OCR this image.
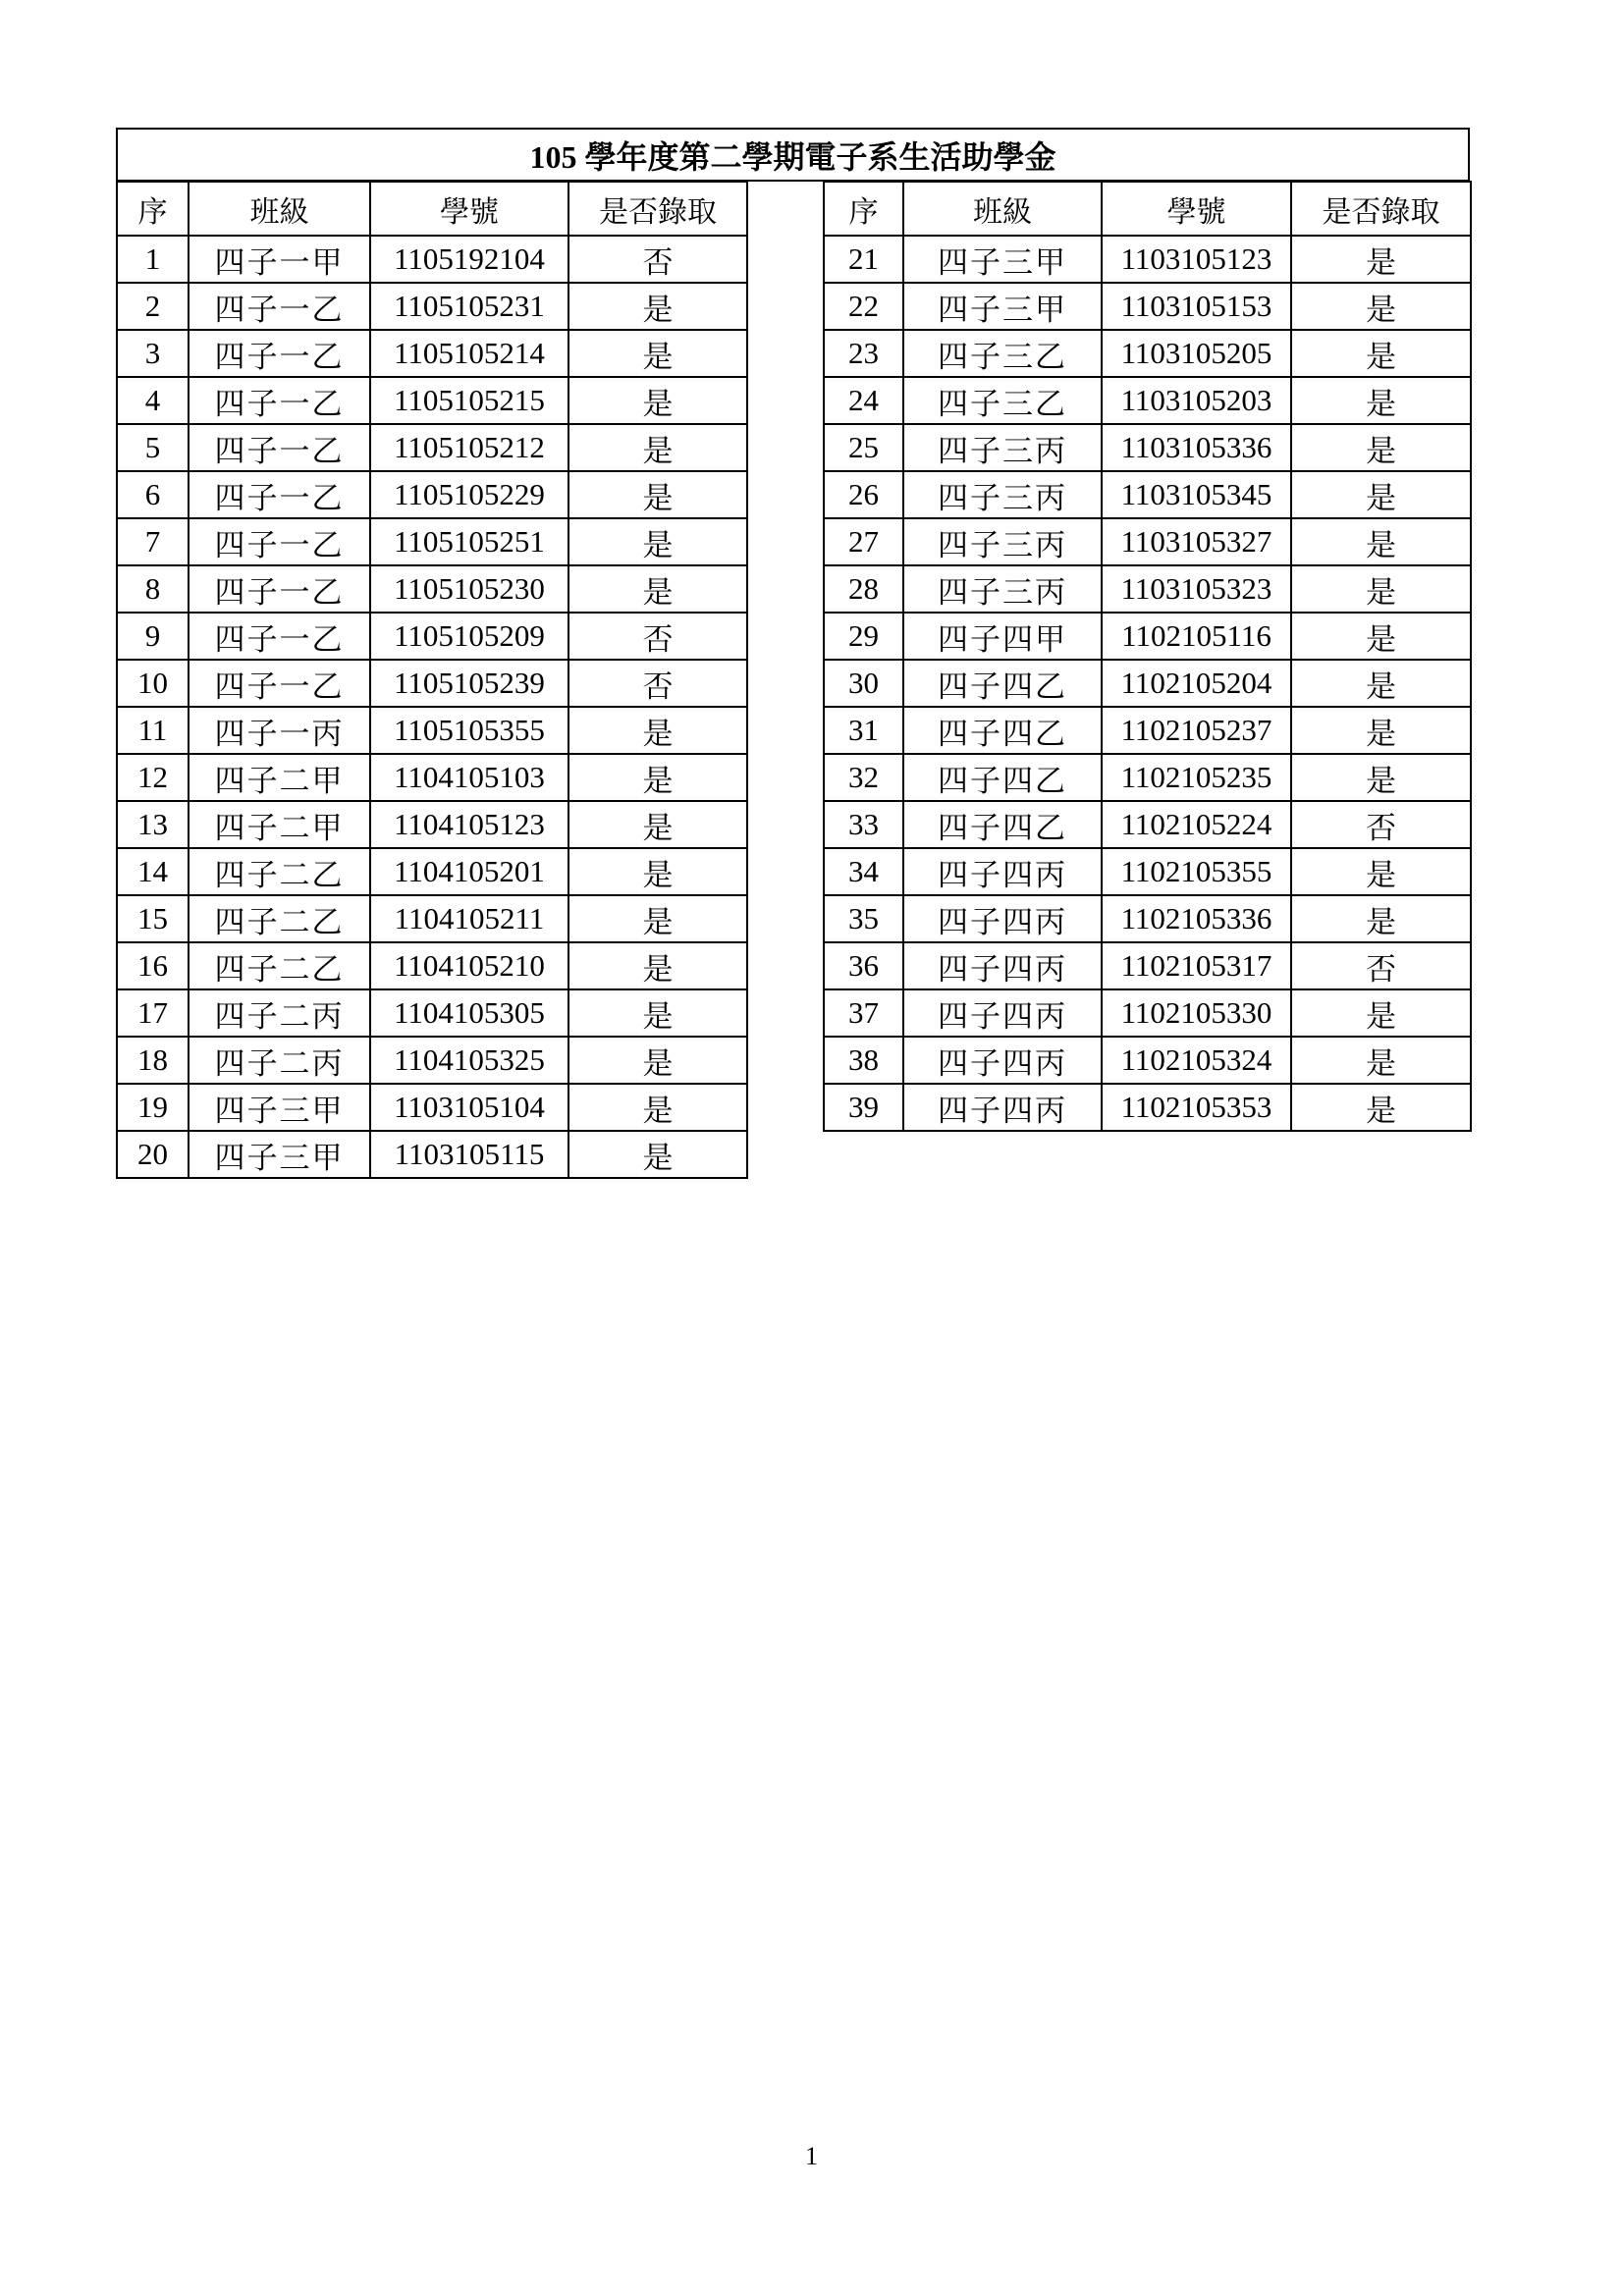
105 學年度第二學期電子系生活助學金
序	班級	學號	是否錄取
1	四子一甲	1105192104	否
2	四子一乙	1105105231	是
3	四子一乙	1105105214	是
4	四子一乙	1105105215	是
5	四子一乙	1105105212	是
6	四子一乙	1105105229	是
7	四子一乙	1105105251	是
8	四子一乙	1105105230	是
9	四子一乙	1105105209	否
10	四子一乙	1105105239	否
11	四子一丙	1105105355	是
12	四子二甲	1104105103	是
13	四子二甲	1104105123	是
14	四子二乙	1104105201	是
15	四子二乙	1104105211	是
16	四子二乙	1104105210	是
17	四子二丙	1104105305	是
18	四子二丙	1104105325	是
19	四子三甲	1103105104	是
20	四子三甲	1103105115	是
序	班級	學號	是否錄取
21	四子三甲	1103105123	是
22	四子三甲	1103105153	是
23	四子三乙	1103105205	是
24	四子三乙	1103105203	是
25	四子三丙	1103105336	是
26	四子三丙	1103105345	是
27	四子三丙	1103105327	是
28	四子三丙	1103105323	是
29	四子四甲	1102105116	是
30	四子四乙	1102105204	是
31	四子四乙	1102105237	是
32	四子四乙	1102105235	是
33	四子四乙	1102105224	否
34	四子四丙	1102105355	是
35	四子四丙	1102105336	是
36	四子四丙	1102105317	否
37	四子四丙	1102105330	是
38	四子四丙	1102105324	是
39	四子四丙	1102105353	是
1
